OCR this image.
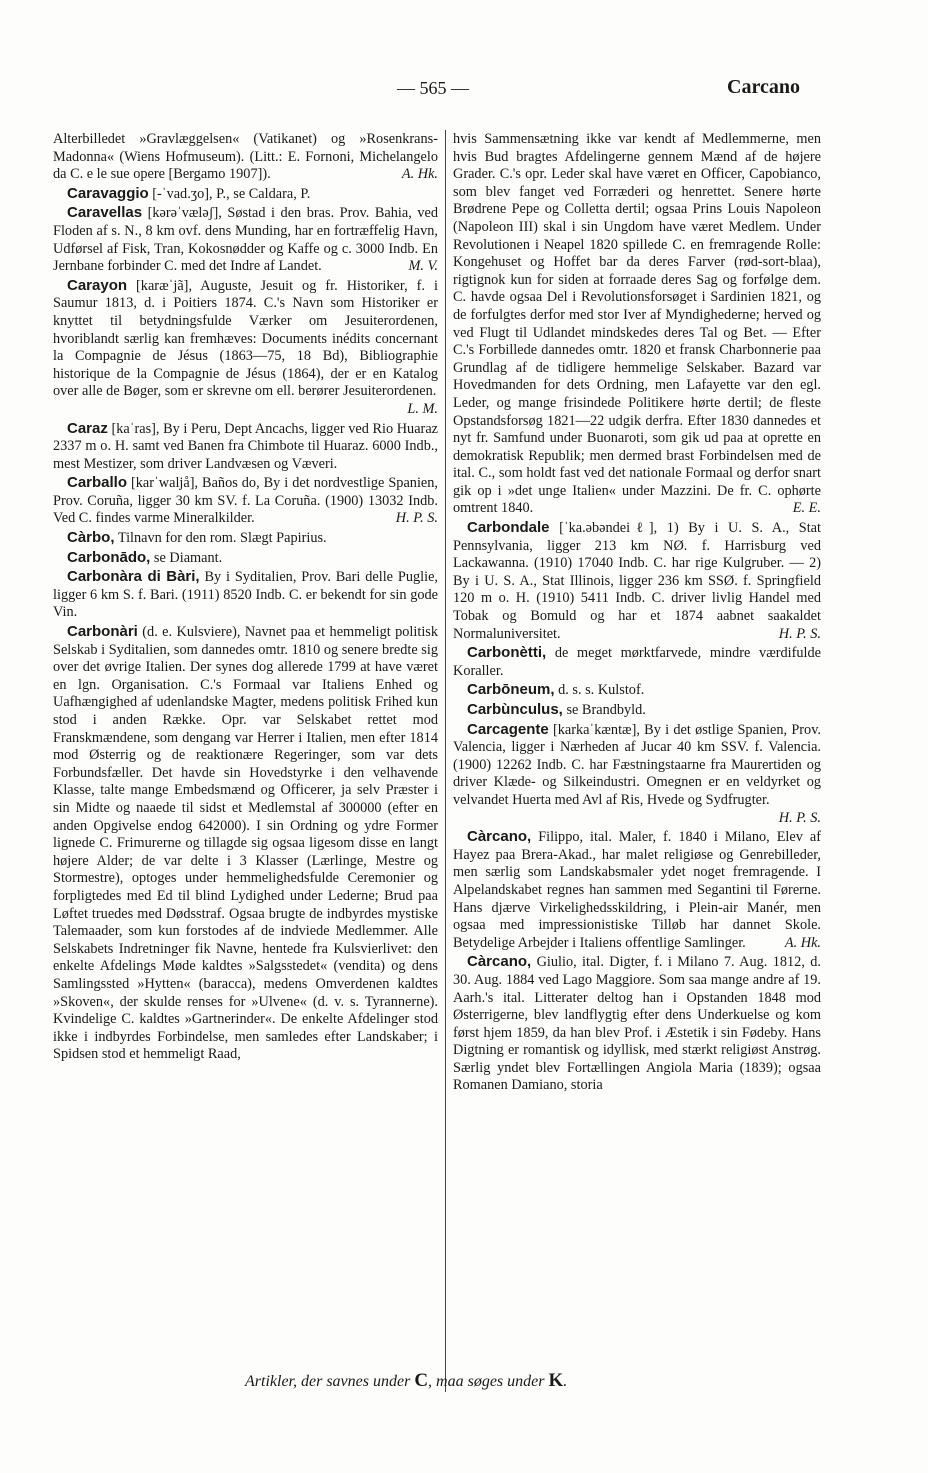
— 565 —	Carcano

Alterbilledet »Gravlæggelsen« (Vatikanet) og »Rosenkrans-Madonna« (Wiens Hofmuseum). (Litt.: E. Fornoni, Michelangelo da C. e le sue opere [Bergamo 1907]).	A. Hk.

Caravaggio [-ˈvad.ʒo], P., se Caldara, P.

Caravellas [kərəˈvæləʃ], Søstad i den bras. Prov. Bahia, ved Floden af s. N., 8 km ovf. dens Munding, har en fortræffelig Havn, Udførsel af Fisk, Tran, Kokosnødder og Kaffe og c. 3000 Indb. En Jernbane forbinder C. med det Indre af Landet.	M. V.

Carayon [karæˈjã], Auguste, Jesuit og fr. Historiker, f. i Saumur 1813, d. i Poitiers 1874. C.'s Navn som Historiker er knyttet til betydningsfulde Værker om Jesuiterordenen, hvoriblandt særlig kan fremhæves: Documents inédits concernant la Compagnie de Jésus (1863—75, 18 Bd), Bibliographie historique de la Compagnie de Jésus (1864), der er en Katalog over alle de Bøger, som er skrevne om ell. berører Jesuiterordenen.
L. M.

Caraz [kaˈras], By i Peru, Dept Ancachs, ligger ved Rio Huaraz 2337 m o. H. samt ved Banen fra Chimbote til Huaraz. 6000 Indb., mest Mestizer, som driver Landvæsen og Væveri.

Carballo [karˈwaljå], Baños do, By i det nordvestlige Spanien, Prov. Coruña, ligger 30 km SV. f. La Coruña. (1900) 13032 Indb. Ved C. findes varme Mineralkilder.	H. P. S.

Càrbo, Tilnavn for den rom. Slægt Papirius.

Carbonādo, se Diamant.

Carbonàra di Bàri, By i Syditalien, Prov. Bari delle Puglie, ligger 6 km S. f. Bari. (1911) 8520 Indb. C. er bekendt for sin gode Vin.

Carbonàri (d. e. Kulsviere), Navnet paa et hemmeligt politisk Selskab i Syditalien, som dannedes omtr. 1810 og senere bredte sig over det øvrige Italien. Der synes dog allerede 1799 at have været en lgn. Organisation. C.'s Formaal var Italiens Enhed og Uafhængighed af udenlandske Magter, medens politisk Frihed kun stod i anden Række. Opr. var Selskabet rettet mod Franskmændene, som dengang var Herrer i Italien, men efter 1814 mod Østerrig og de reaktionære Regeringer, som var dets Forbundsfæller. Det havde sin Hovedstyrke i den velhavende Klasse, talte mange Embedsmænd og Officerer, ja selv Præster i sin Midte og naaede til sidst et Medlemstal af 300000 (efter en anden Opgivelse endog 642000). I sin Ordning og ydre Former lignede C. Frimurerne og tillagde sig ogsaa ligesom disse en langt højere Alder; de var delte i 3 Klasser (Lærlinge, Mestre og Stormestre), optoges under hemmelighedsfulde Ceremonier og forpligtedes med Ed til blind Lydighed under Lederne; Brud paa Løftet truedes med Dødsstraf. Ogsaa brugte de indbyrdes mystiske Talemaader, som kun forstodes af de indviede Medlemmer. Alle Selskabets Indretninger fik Navne, hentede fra Kulsvierlivet: den enkelte Afdelings Møde kaldtes »Salgsstedet« (vendita) og dens Samlingssted »Hytten« (baracca), medens Omverdenen kaldtes »Skoven«, der skulde renses for »Ulvene« (d. v. s. Tyrannerne). Kvindelige C. kaldtes »Gartnerinder«. De enkelte Afdelinger stod ikke i indbyrdes Forbindelse, men samledes efter Landskaber; i Spidsen stod et hemmeligt Raad,

hvis Sammensætning ikke var kendt af Medlemmerne, men hvis Bud bragtes Afdelingerne gennem Mænd af de højere Grader. C.'s opr. Leder skal have været en Officer, Capobianco, som blev fanget ved Forræderi og henrettet. Senere hørte Brødrene Pepe og Colletta dertil; ogsaa Prins Louis Napoleon (Napoleon III) skal i sin Ungdom have været Medlem. Under Revolutionen i Neapel 1820 spillede C. en fremragende Rolle: Kongehuset og Hoffet bar da deres Farver (rød-sort-blaa), rigtignok kun for siden at forraade deres Sag og forfølge dem. C. havde ogsaa Del i Revolutionsforsøget i Sardinien 1821, og de forfulgtes derfor med stor Iver af Myndighederne; herved og ved Flugt til Udlandet mindskedes deres Tal og Bet. — Efter C.'s Forbillede dannedes omtr. 1820 et fransk Charbonnerie paa Grundlag af de tidligere hemmelige Selskaber. Bazard var Hovedmanden for dets Ordning, men Lafayette var den egl. Leder, og mange frisindede Politikere hørte dertil; de fleste Opstandsforsøg 1821—22 udgik derfra. Efter 1830 dannedes et nyt fr. Samfund under Buonaroti, som gik ud paa at oprette en demokratisk Republik; men dermed brast Forbindelsen med de ital. C., som holdt fast ved det nationale Formaal og derfor snart gik op i »det unge Italien« under Mazzini. De fr. C. ophørte omtrent 1840.	E. E.

Carbondale [ˈka.əbəndeiℓ], 1) By i U. S. A., Stat Pennsylvania, ligger 213 km NØ. f. Harrisburg ved Lackawanna. (1910) 17040 Indb. C. har rige Kulgruber. — 2) By i U. S. A., Stat Illinois, ligger 236 km SSØ. f. Springfield 120 m o. H. (1910) 5411 Indb. C. driver livlig Handel med Tobak og Bomuld og har et 1874 aabnet saakaldet Normaluniversitet.	H. P. S.

Carbonètti, de meget mørktfarvede, mindre værdifulde Koraller.

Carbōneum, d. s. s. Kulstof.

Carbùnculus, se Brandbyld.

Carcagente [karkaˈkæntæ], By i det østlige Spanien, Prov. Valencia, ligger i Nærheden af Jucar 40 km SSV. f. Valencia. (1900) 12262 Indb. C. har Fæstningstaarne fra Maurertiden og driver Klæde- og Silkeindustri. Omegnen er en veldyrket og velvandet Huerta med Avl af Ris, Hvede og Sydfrugter.
H. P. S.

Càrcano, Filippo, ital. Maler, f. 1840 i Milano, Elev af Hayez paa Brera-Akad., har malet religiøse og Genrebilleder, men særlig som Landskabsmaler ydet noget fremragende. I Alpelandskabet regnes han sammen med Segantini til Førerne. Hans djærve Virkelighedsskildring, i Plein-air Manér, men ogsaa med impressionistiske Tilløb har dannet Skole. Betydelige Arbejder i Italiens offentlige Samlinger.	A. Hk.

Càrcano, Giulio, ital. Digter, f. i Milano 7. Aug. 1812, d. 30. Aug. 1884 ved Lago Maggiore. Som saa mange andre af 19. Aarh.'s ital. Litterater deltog han i Opstanden 1848 mod Østerrigerne, blev landflygtig efter dens Underkuelse og kom først hjem 1859, da han blev Prof. i Æstetik i sin Fødeby. Hans Digtning er romantisk og idyllisk, med stærkt religiøst Anstrøg. Særlig yndet blev Fortællingen Angiola Maria (1839); ogsaa Romanen Damiano, storia

Artikler, der savnes under C, maa søges under K.
